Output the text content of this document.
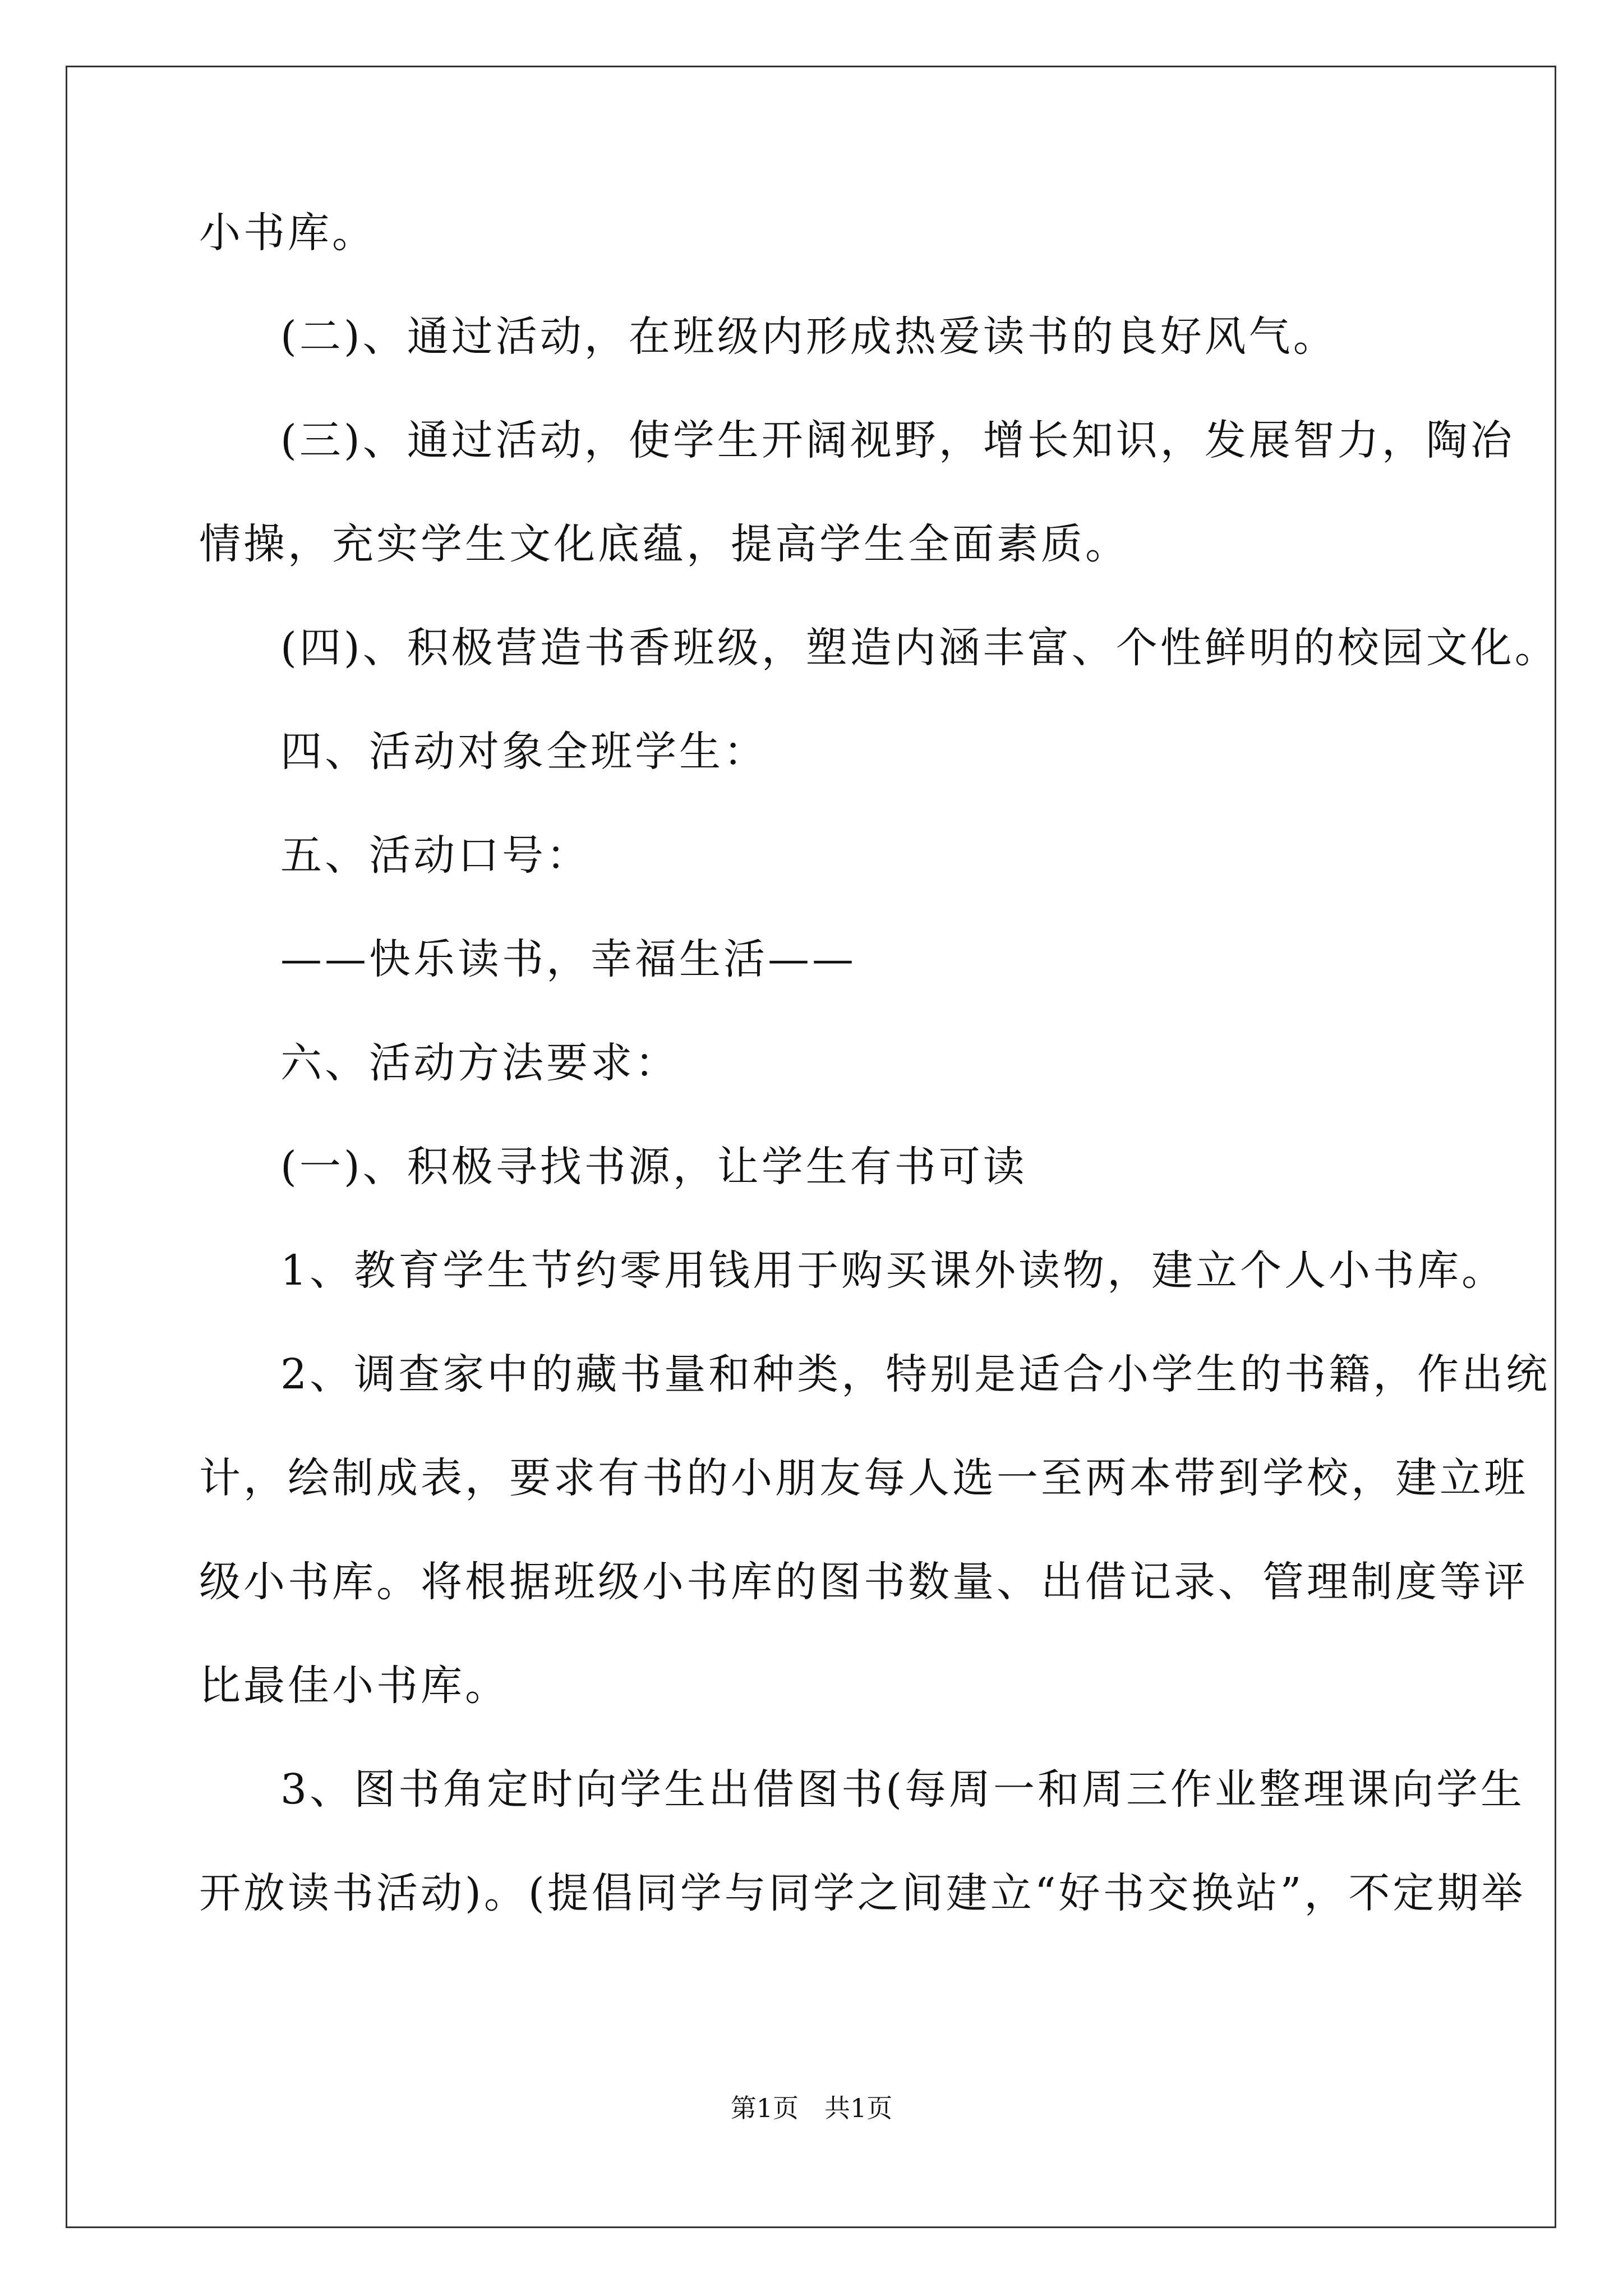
小书库。
(二)、通过活动，在班级内形成热爱读书的良好风气。
(三)、通过活动，使学生开阔视野，增长知识，发展智力，陶冶
情操，充实学生文化底蕴，提高学生全面素质。
(四)、积极营造书香班级，塑造内涵丰富、个性鲜明的校园文化。
四、活动对象全班学生：
五、活动口号：
——快乐读书，幸福生活——
六、活动方法要求：
(一)、积极寻找书源，让学生有书可读
1、教育学生节约零用钱用于购买课外读物，建立个人小书库。
2、调查家中的藏书量和种类，特别是适合小学生的书籍，作出统
计，绘制成表，要求有书的小朋友每人选一至两本带到学校，建立班
级小书库。将根据班级小书库的图书数量、出借记录、管理制度等评
比最佳小书库。
3、图书角定时向学生出借图书(每周一和周三作业整理课向学生
开放读书活动)。(提倡同学与同学之间建立“好书交换站”，不定期举
第1页 共1页
